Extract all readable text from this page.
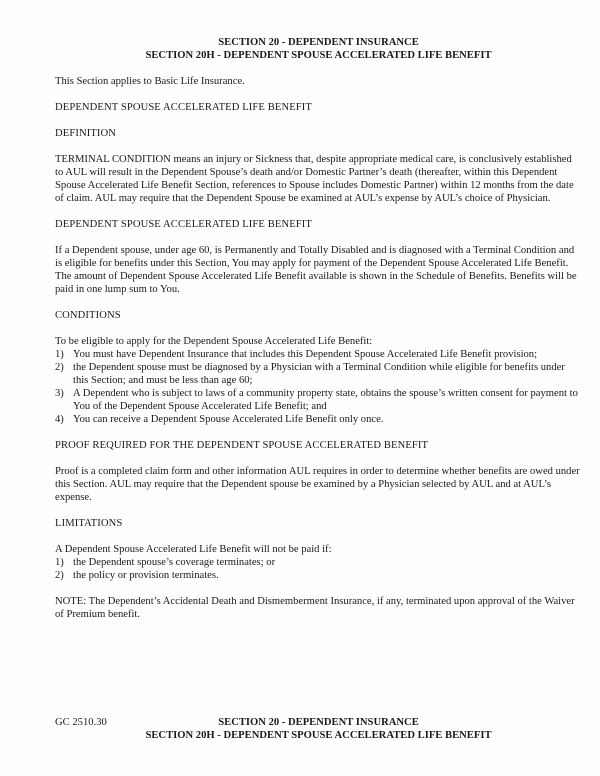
SECTION 20 - DEPENDENT INSURANCE
SECTION 20H - DEPENDENT SPOUSE ACCELERATED LIFE BENEFIT

This Section applies to Basic Life Insurance.

DEPENDENT SPOUSE ACCELERATED LIFE BENEFIT

DEFINITION

TERMINAL CONDITION means an injury or Sickness that, despite appropriate medical care, is conclusively established to AUL will result in the Dependent Spouse’s death and/or Domestic Partner’s death (thereafter, within this Dependent Spouse Accelerated Life Benefit Section, references to Spouse includes Domestic Partner) within 12 months from the date of claim. AUL may require that the Dependent Spouse be examined at AUL’s expense by AUL’s choice of Physician.

DEPENDENT SPOUSE ACCELERATED LIFE BENEFIT

If a Dependent spouse, under age 60, is Permanently and Totally Disabled and is diagnosed with a Terminal Condition and is eligible for benefits under this Section, You may apply for payment of the Dependent Spouse Accelerated Life Benefit. The amount of Dependent Spouse Accelerated Life Benefit available is shown in the Schedule of Benefits. Benefits will be paid in one lump sum to You.

CONDITIONS

To be eligible to apply for the Dependent Spouse Accelerated Life Benefit:

1) You must have Dependent Insurance that includes this Dependent Spouse Accelerated Life Benefit provision;
2) the Dependent spouse must be diagnosed by a Physician with a Terminal Condition while eligible for benefits under this Section; and must be less than age 60;
3) A Dependent who is subject to laws of a community property state, obtains the spouse’s written consent for payment to You of the Dependent Spouse Accelerated Life Benefit; and
4) You can receive a Dependent Spouse Accelerated Life Benefit only once.

PROOF REQUIRED FOR THE DEPENDENT SPOUSE ACCELERATED BENEFIT

Proof is a completed claim form and other information AUL requires in order to determine whether benefits are owed under this Section. AUL may require that the Dependent spouse be examined by a Physician selected by AUL and at AUL’s expense.

LIMITATIONS

A Dependent Spouse Accelerated Life Benefit will not be paid if:

1) the Dependent spouse’s coverage terminates; or
2) the policy or provision terminates.

NOTE: The Dependent’s Accidental Death and Dismemberment Insurance, if any, terminated upon approval of the Waiver of Premium benefit.

GC 2510.30	SECTION 20 - DEPENDENT INSURANCE
SECTION 20H - DEPENDENT SPOUSE ACCELERATED LIFE BENEFIT
